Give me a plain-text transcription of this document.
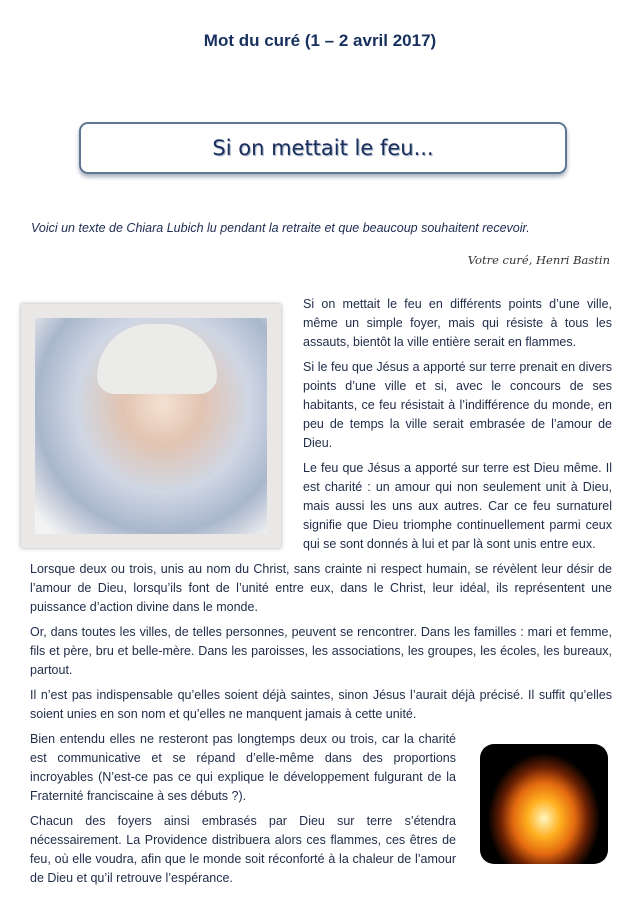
Mot du curé (1 – 2 avril 2017)
Si on mettait le feu...
Voici un texte de Chiara Lubich lu pendant la retraite et que beaucoup souhaitent recevoir.
Votre curé, Henri Bastin

Si on mettait le feu en différents points d’une ville, même un simple foyer, mais qui résiste à tous les assauts, bientôt la ville entière serait en flammes.

Si le feu que Jésus a apporté sur terre prenait en divers points d’une ville et si, avec le concours de ses habitants, ce feu résistait à l’indifférence du monde, en peu de temps la ville serait embrasée de l’amour de Dieu.

Le feu que Jésus a apporté sur terre est Dieu même. Il est charité : un amour qui non seulement unit à Dieu, mais aussi les uns aux autres. Car ce feu surnaturel signifie que Dieu triomphe continuellement parmi ceux qui se sont donnés à lui et par là sont unis entre eux.

Lorsque deux ou trois, unis au nom du Christ, sans crainte ni respect humain, se révèlent leur désir de l’amour de Dieu, lorsqu’ils font de l’unité entre eux, dans le Christ, leur idéal, ils représentent une puissance d’action divine dans le monde.

Or, dans toutes les villes, de telles personnes, peuvent se rencontrer. Dans les familles : mari et femme, fils et père, bru et belle-mère. Dans les paroisses, les associations, les groupes, les écoles, les bureaux, partout.

Il n’est pas indispensable qu’elles soient déjà saintes, sinon Jésus l’aurait déjà précisé. Il suffit qu’elles soient unies en son nom et qu’elles ne manquent jamais à cette unité.

Bien entendu elles ne resteront pas longtemps deux ou trois, car la charité est communicative et se répand d’elle-même dans des proportions incroyables (N’est-ce pas ce qui explique le développement fulgurant de la Fraternité franciscaine à ses débuts ?).

Chacun des foyers ainsi embrasés par Dieu sur terre s’étendra nécessairement. La Providence distribuera alors ces flammes, ces êtres de feu, où elle voudra, afin que le monde soit réconforté à la chaleur de l’amour de Dieu et qu’il retrouve l’espérance.
